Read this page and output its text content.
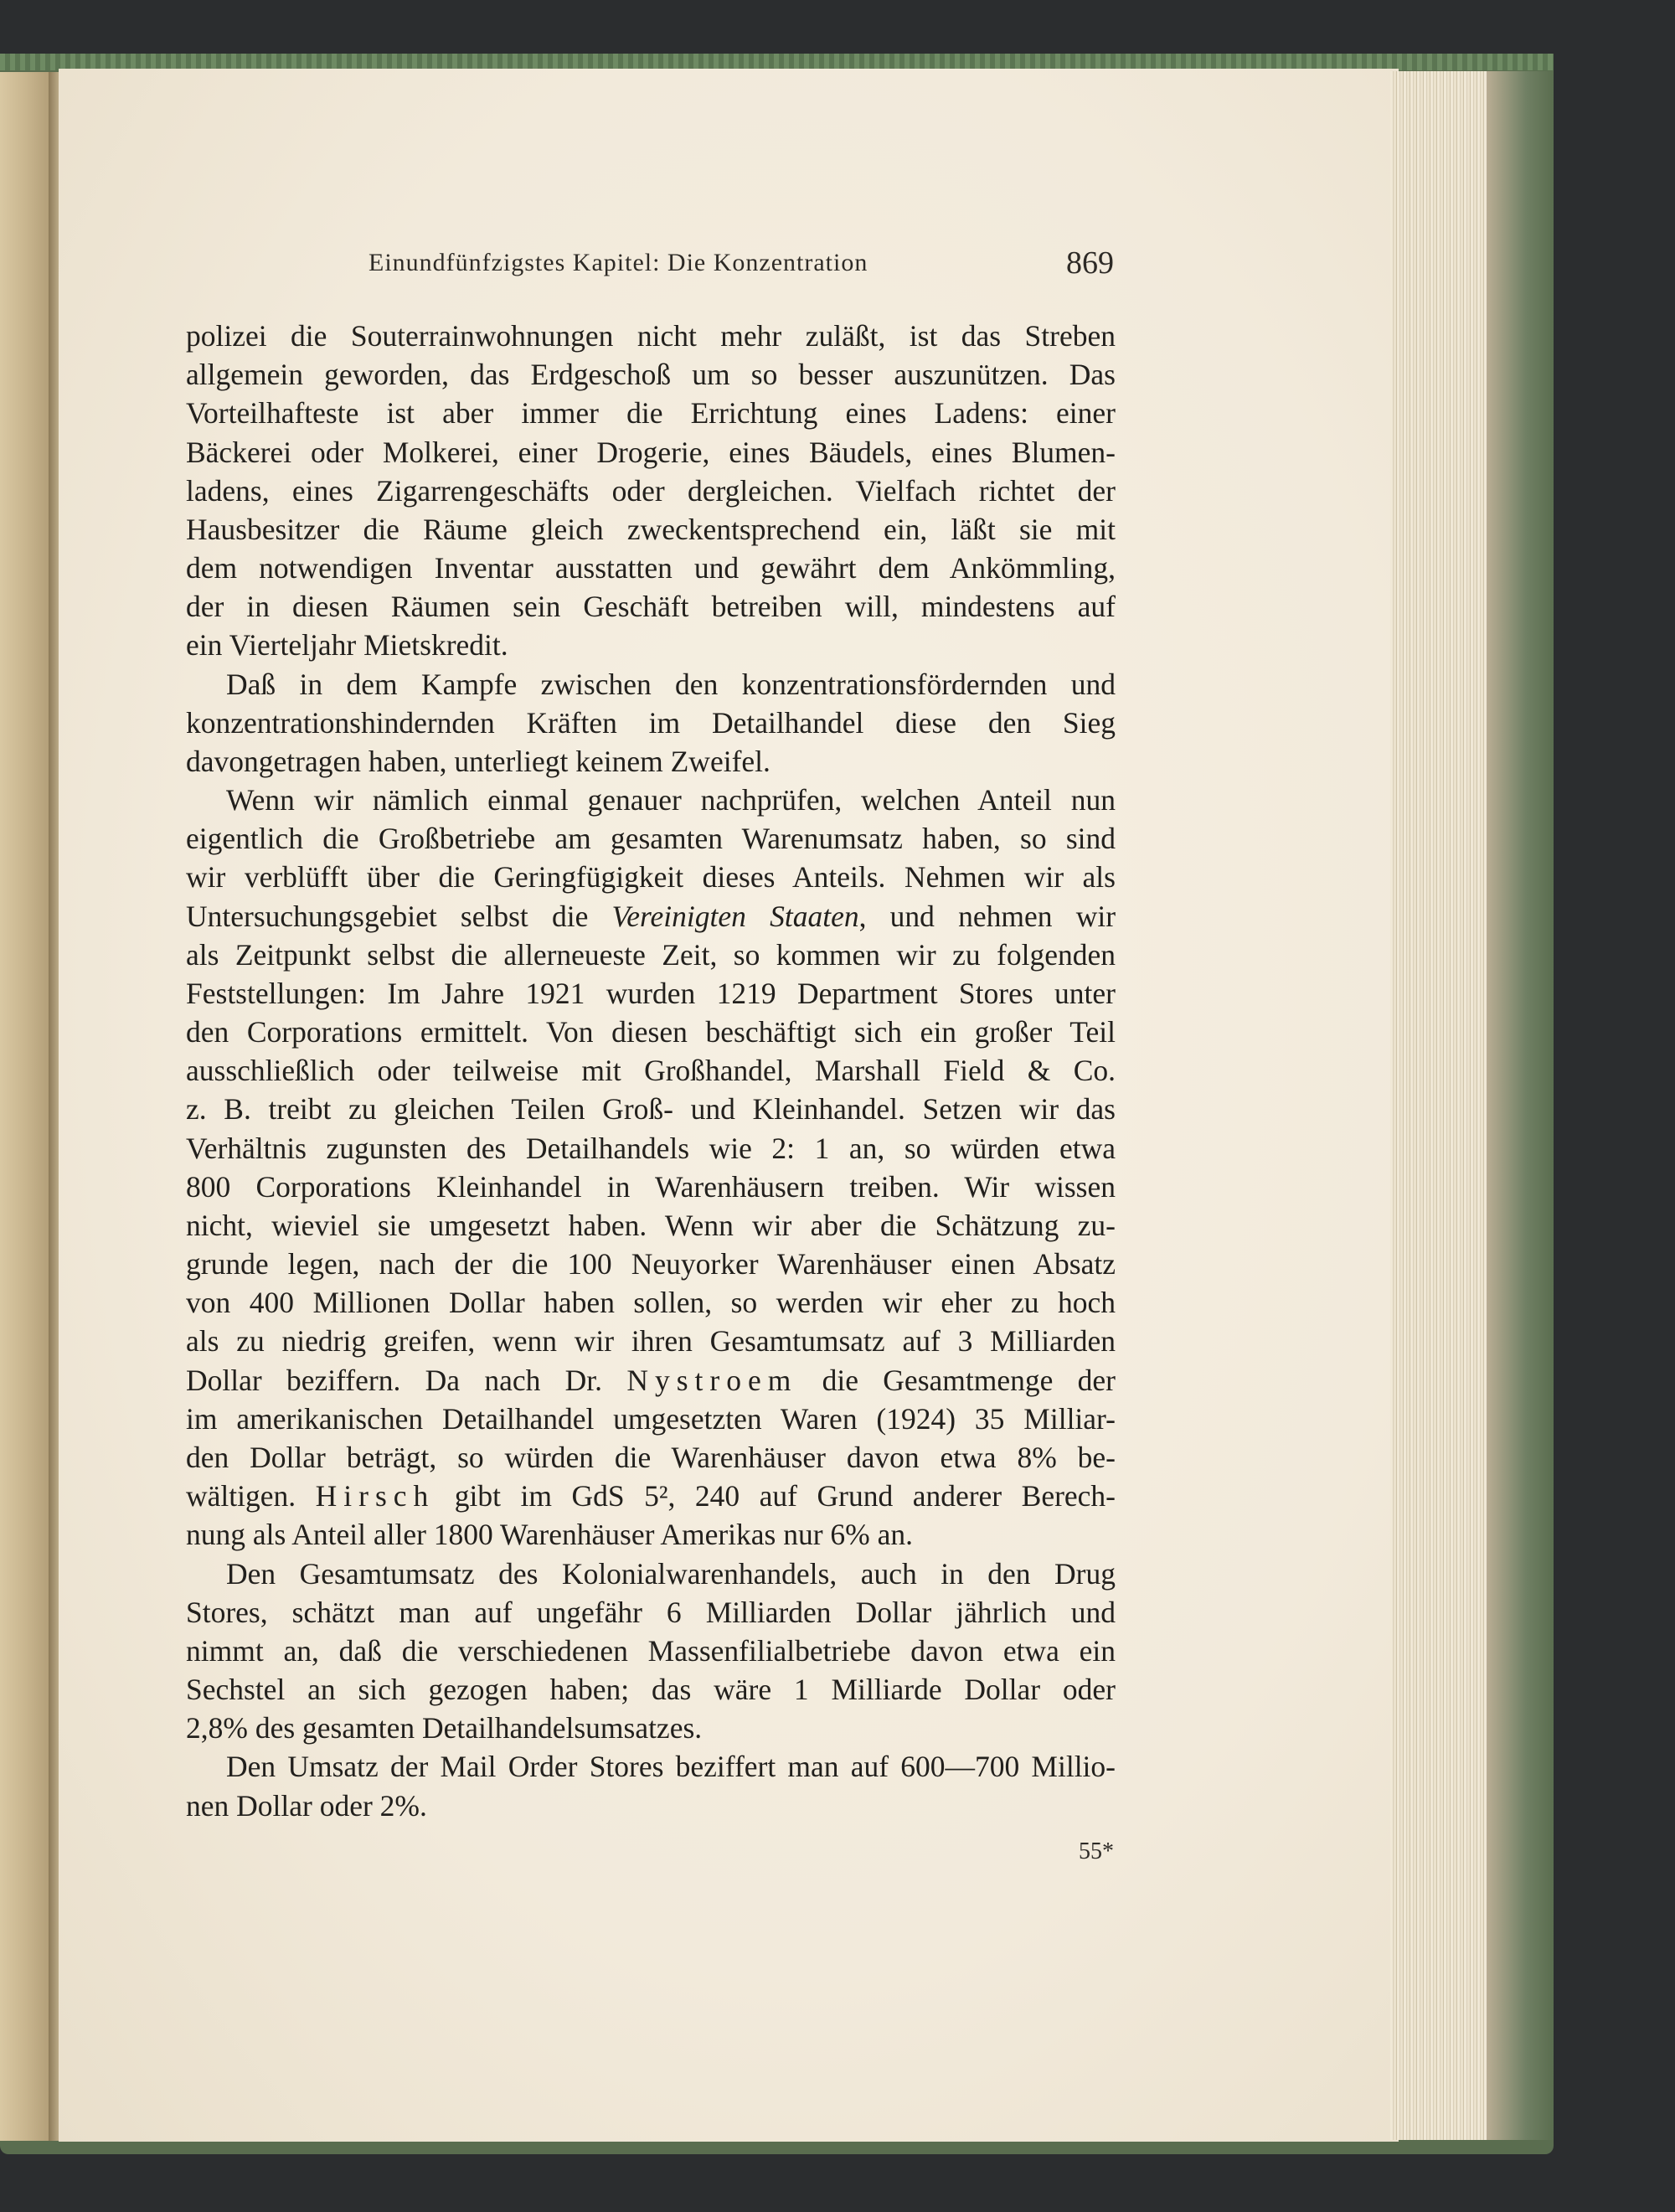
Einundfünfzigstes Kapitel: Die Konzentration	869
polizei die Souterrainwohnungen nicht mehr zuläßt, ist das Streben
allgemein geworden, das Erdgeschoß um so besser auszunützen. Das
Vorteilhafteste ist aber immer die Errichtung eines Ladens: einer
Bäckerei oder Molkerei, einer Drogerie, eines Bäudels, eines Blumen-
ladens, eines Zigarrengeschäfts oder dergleichen. Vielfach richtet der
Hausbesitzer die Räume gleich zweckentsprechend ein, läßt sie mit
dem notwendigen Inventar ausstatten und gewährt dem Ankömmling,
der in diesen Räumen sein Geschäft betreiben will, mindestens auf
ein Vierteljahr Mietskredit.
Daß in dem Kampfe zwischen den konzentrationsfördernden und
konzentrationshindernden Kräften im Detailhandel diese den Sieg
davongetragen haben, unterliegt keinem Zweifel.
Wenn wir nämlich einmal genauer nachprüfen, welchen Anteil nun
eigentlich die Großbetriebe am gesamten Warenumsatz haben, so sind
wir verblüfft über die Geringfügigkeit dieses Anteils. Nehmen wir als
Untersuchungsgebiet selbst die Vereinigten Staaten, und nehmen wir
als Zeitpunkt selbst die allerneueste Zeit, so kommen wir zu folgenden
Feststellungen: Im Jahre 1921 wurden 1219 Department Stores unter
den Corporations ermittelt. Von diesen beschäftigt sich ein großer Teil
ausschließlich oder teilweise mit Großhandel, Marshall Field & Co.
z. B. treibt zu gleichen Teilen Groß- und Kleinhandel. Setzen wir das
Verhältnis zugunsten des Detailhandels wie 2: 1 an, so würden etwa
800 Corporations Kleinhandel in Warenhäusern treiben. Wir wissen
nicht, wieviel sie umgesetzt haben. Wenn wir aber die Schätzung zu-
grunde legen, nach der die 100 Neuyorker Warenhäuser einen Absatz
von 400 Millionen Dollar haben sollen, so werden wir eher zu hoch
als zu niedrig greifen, wenn wir ihren Gesamtumsatz auf 3 Milliarden
Dollar beziffern. Da nach Dr. Nystroem die Gesamtmenge der
im amerikanischen Detailhandel umgesetzten Waren (1924) 35 Milliar-
den Dollar beträgt, so würden die Warenhäuser davon etwa 8% be-
wältigen. Hirsch gibt im GdS 5², 240 auf Grund anderer Berech-
nung als Anteil aller 1800 Warenhäuser Amerikas nur 6% an.
Den Gesamtumsatz des Kolonialwarenhandels, auch in den Drug
Stores, schätzt man auf ungefähr 6 Milliarden Dollar jährlich und
nimmt an, daß die verschiedenen Massenfilialbetriebe davon etwa ein
Sechstel an sich gezogen haben; das wäre 1 Milliarde Dollar oder
2,8% des gesamten Detailhandelsumsatzes.
Den Umsatz der Mail Order Stores beziffert man auf 600—700 Millio-
nen Dollar oder 2%.
55*
